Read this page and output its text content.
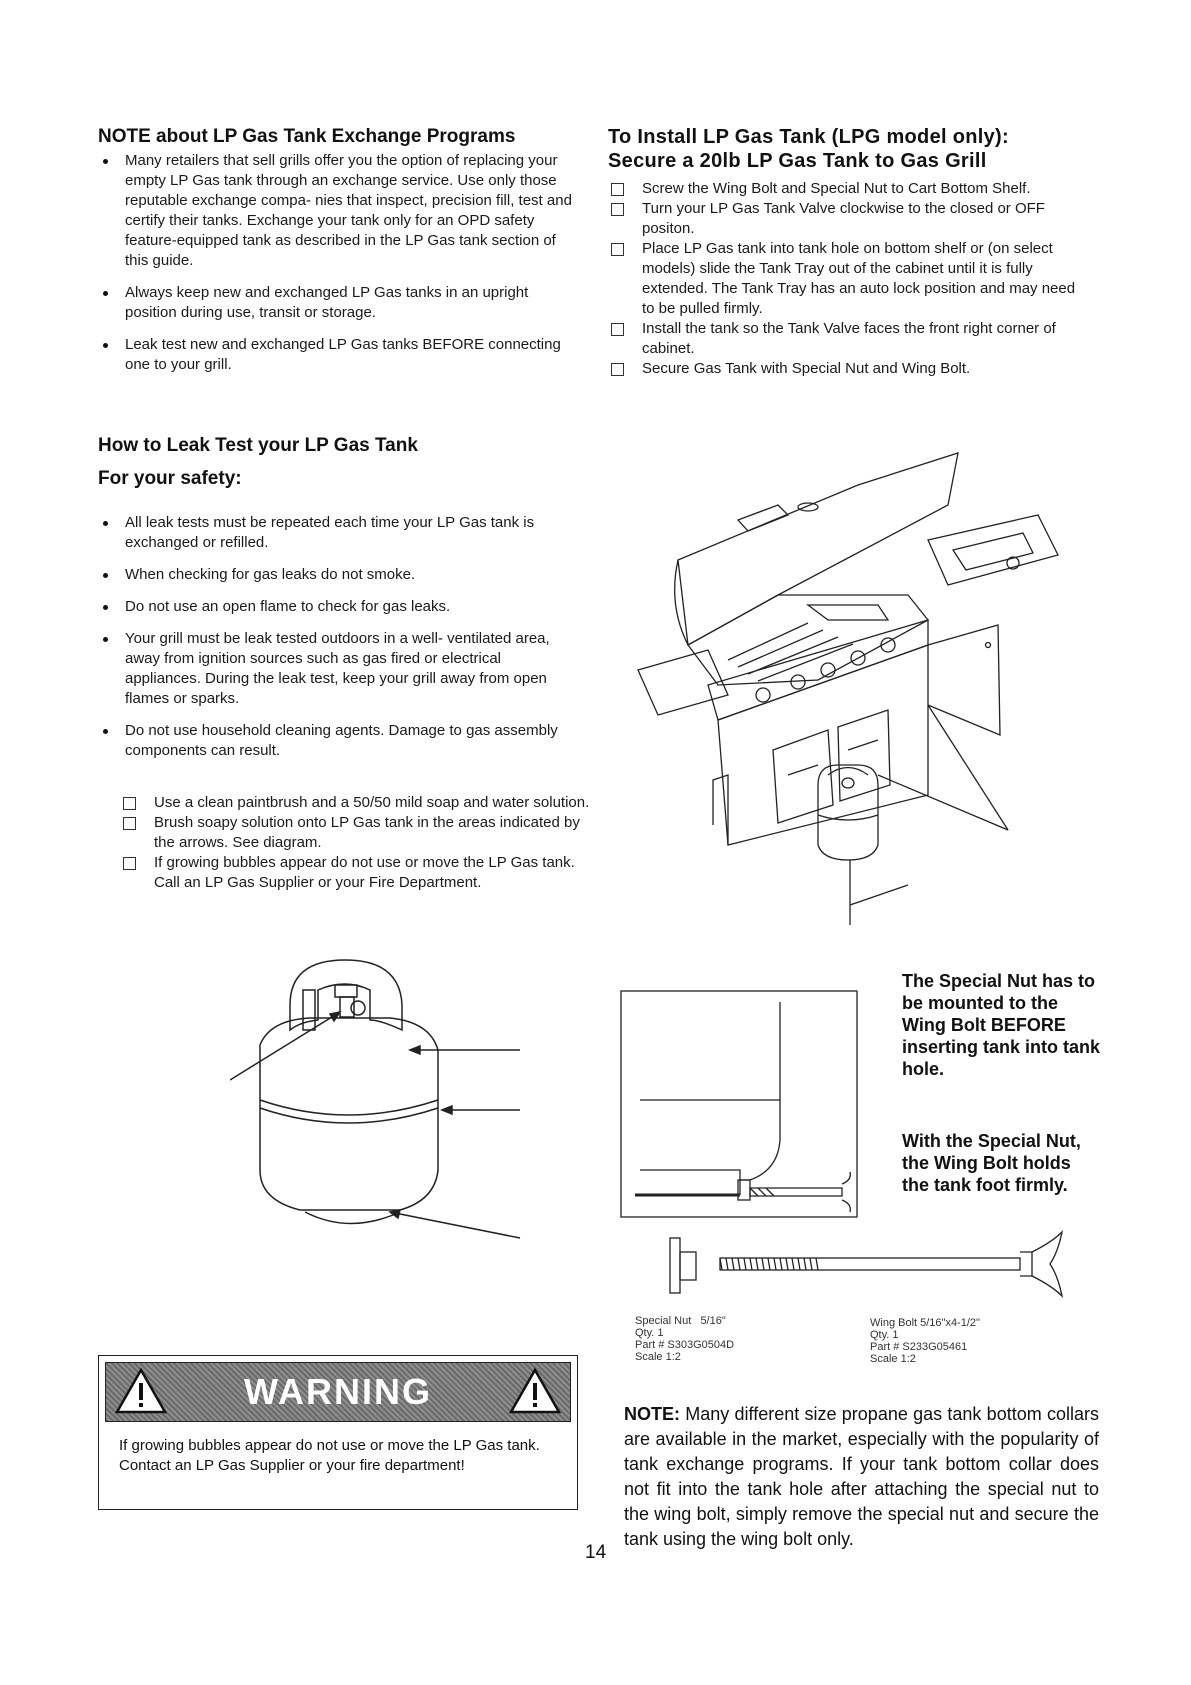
NOTE about LP Gas Tank Exchange Programs
Many retailers that sell grills offer you the option of replacing your empty LP Gas tank through an exchange service. Use only those reputable exchange compa- nies that inspect, precision fill, test and certify their tanks. Exchange your tank only for an OPD safety feature-equipped tank as described in the LP Gas tank section of this guide.
Always keep new and exchanged LP Gas tanks in an upright position during use, transit or storage.
Leak test new and exchanged LP Gas tanks BEFORE connecting one to your grill.
How to Leak Test your LP Gas Tank
For your safety:
All leak tests must be repeated each time your LP Gas tank is exchanged or refilled.
When checking for gas leaks do not smoke.
Do not use an open flame to check for gas leaks.
Your grill must be leak tested outdoors in a well- ventilated area, away from ignition sources such as gas fired or electrical appliances. During the leak test, keep your grill away from open flames or sparks.
Do not use household cleaning agents. Damage to gas assembly components can result.
Use a clean paintbrush and a 50/50 mild soap and water solution.
Brush soapy solution onto LP Gas tank in the areas indicated by the arrows. See diagram.
If growing bubbles appear do not use or move the LP Gas tank. Call an LP Gas Supplier or your Fire Department.
WARNING
If growing bubbles appear do not use or move the LP Gas tank. Contact an LP Gas Supplier or your fire department!
To Install LP Gas Tank (LPG model only):
Secure a 20lb LP Gas Tank to Gas Grill
Screw the Wing Bolt and Special Nut to Cart Bottom Shelf.
Turn your LP Gas Tank Valve clockwise to the closed or OFF positon.
Place LP Gas tank into tank hole on bottom shelf or (on select models) slide the Tank Tray out of the cabinet until it is fully extended. The Tank Tray has an auto lock position and may need to be pulled firmly.
Install the tank so the Tank Valve faces the front right corner of cabinet.
Secure Gas Tank with Special Nut and Wing Bolt.
The Special Nut has to be mounted to the Wing Bolt BEFORE inserting tank into tank hole.
With the Special Nut, the Wing Bolt holds the tank foot firmly.
Special Nut 5/16"
Qty. 1
Part # S303G0504D
Scale 1:2
Wing Bolt 5/16"x4-1/2"
Qty. 1
Part # S233G05461
Scale 1:2
NOTE: Many different size propane gas tank bottom collars are available in the market, especially with the popularity of tank exchange programs. If your tank bottom collar does not fit into the tank hole after attaching the special nut to the wing bolt, simply remove the special nut and secure the tank using the wing bolt only.
14
